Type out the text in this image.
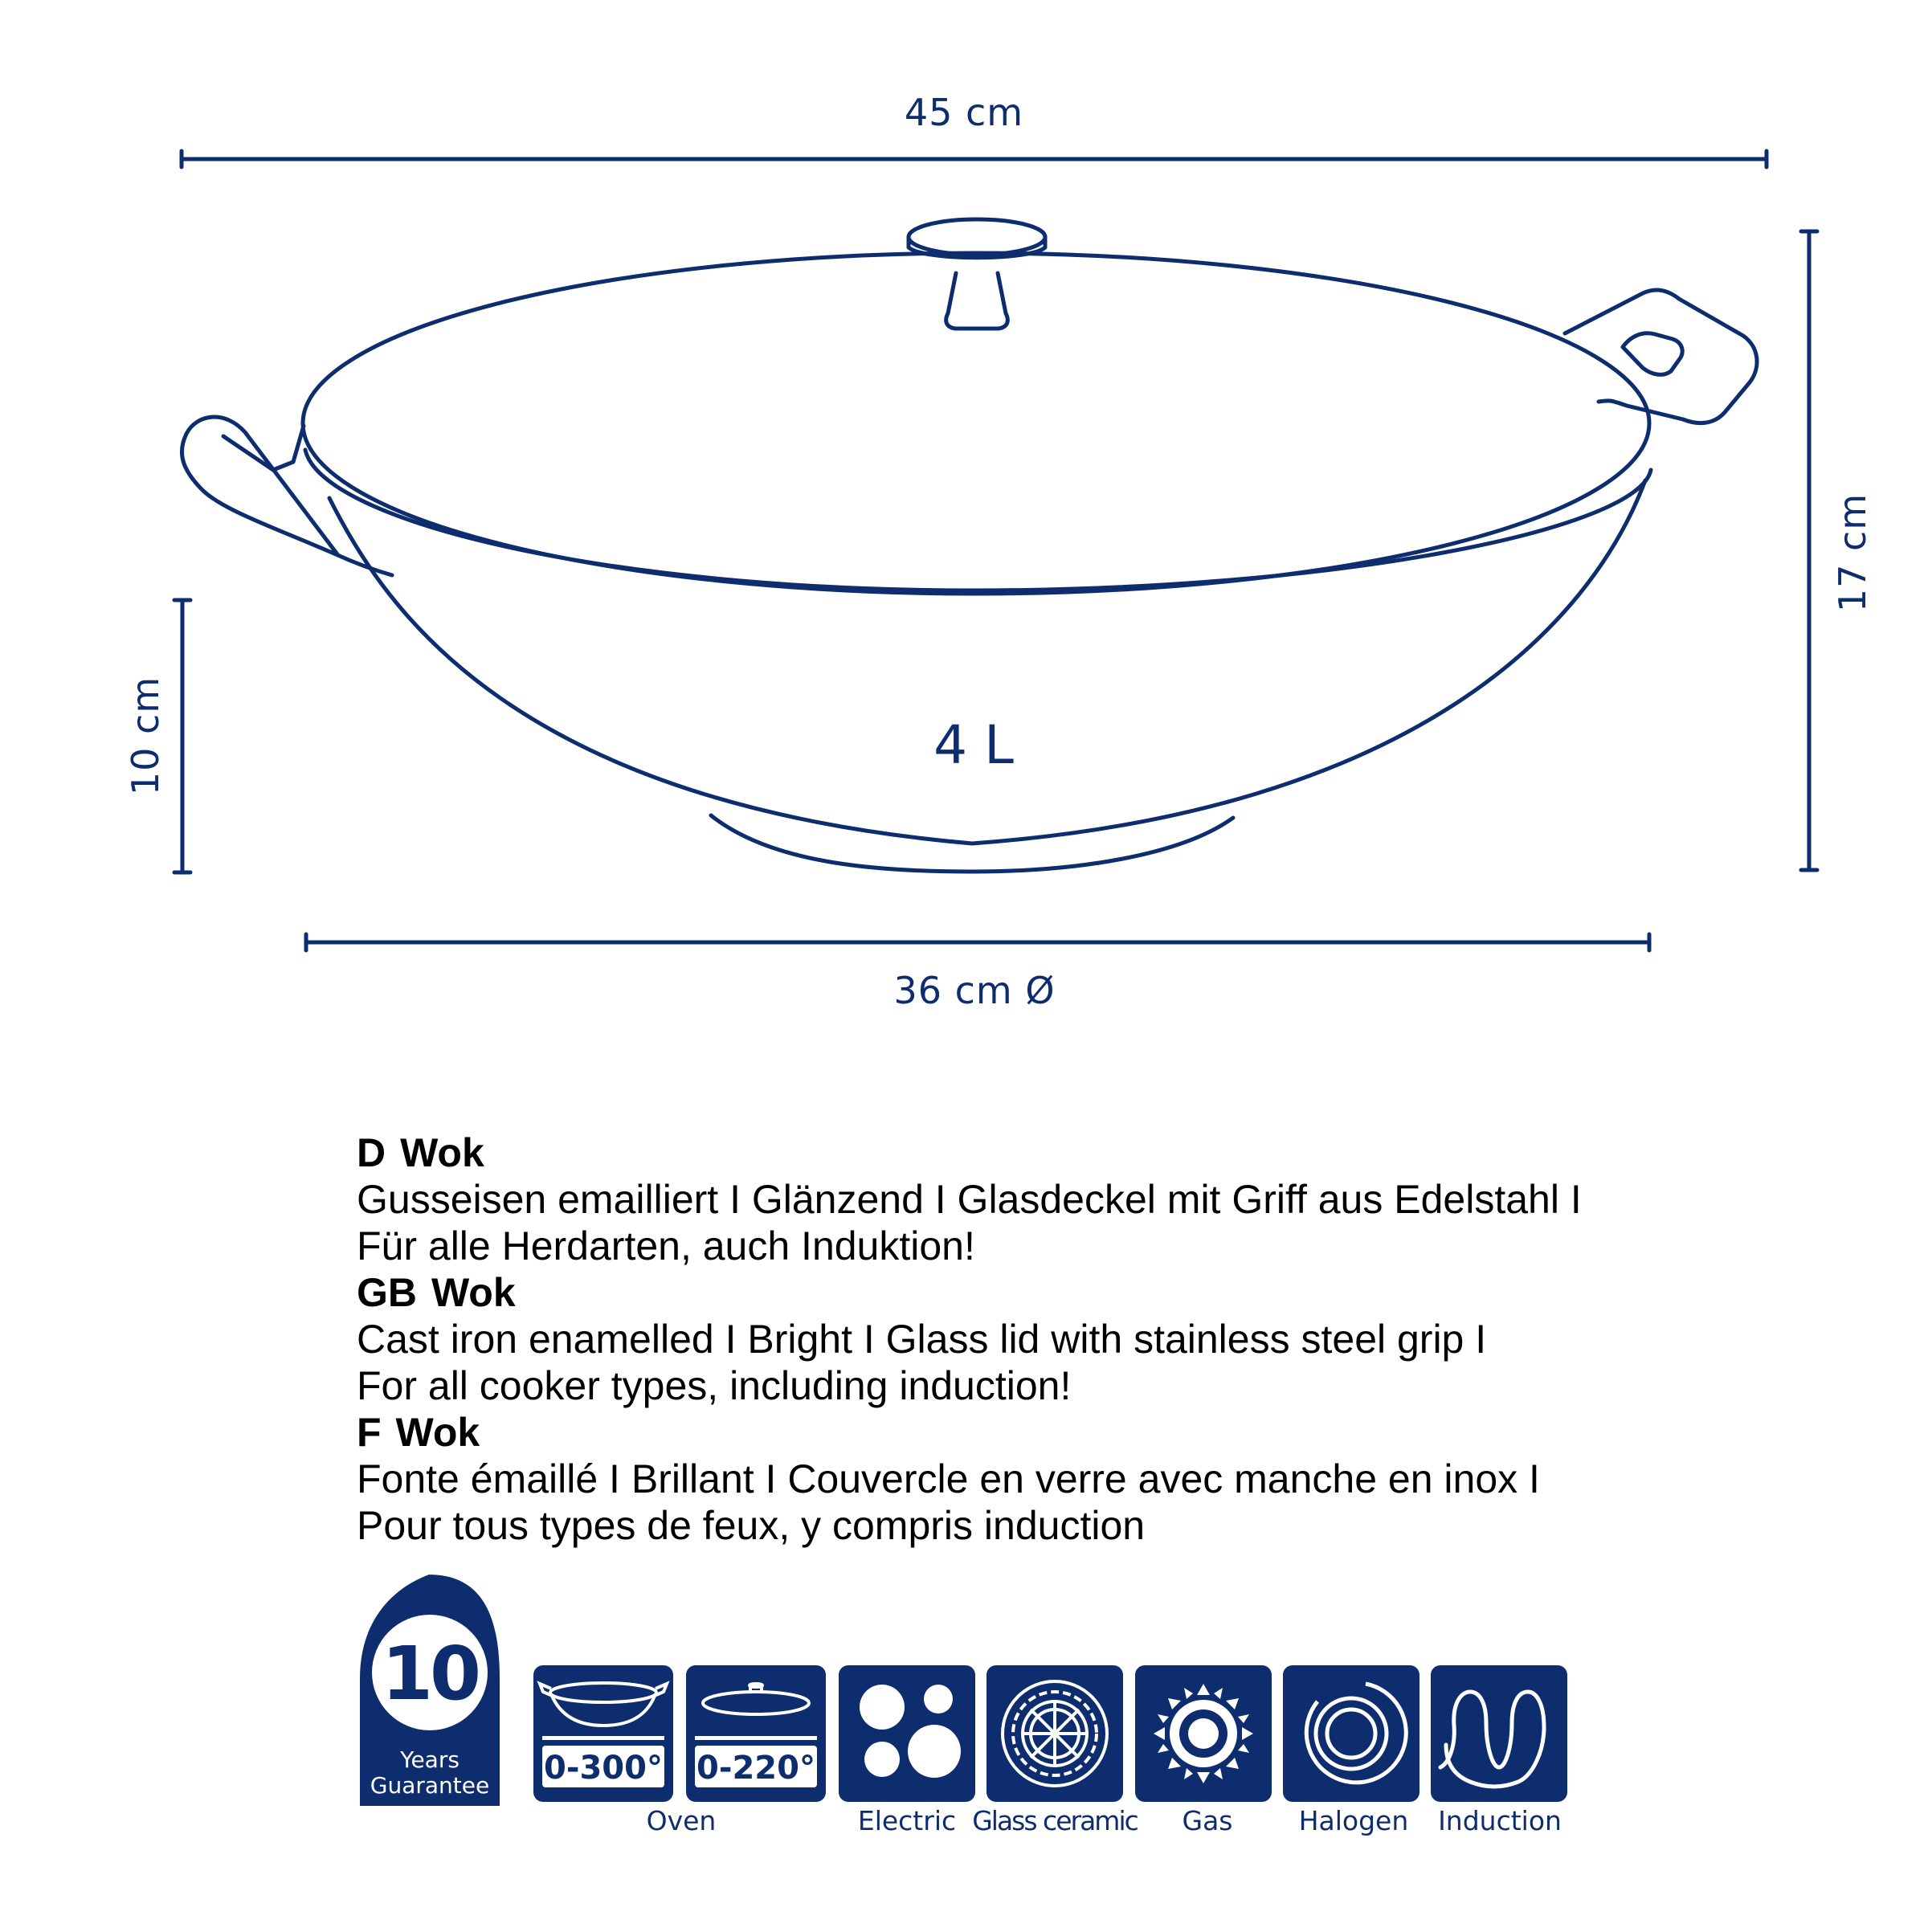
45 cm
36 cm Ø
17 cm
10 cm	4 L
10
Years
Guarantee 0-300° 0-220°
Oven	Electric Glass ceramic Gas Halogen Induction
D Wok
Gusseisen emailliert I Glänzend I Glasdeckel mit Griff aus Edelstahl I
Für alle Herdarten, auch Induktion!
GB Wok
Cast iron enamelled I Bright I Glass lid with stainless steel grip I
For all cooker types, including induction!
F Wok
Fonte émaillé I Brillant I Couvercle en verre avec manche en inox I
Pour tous types de feux, y compris induction
